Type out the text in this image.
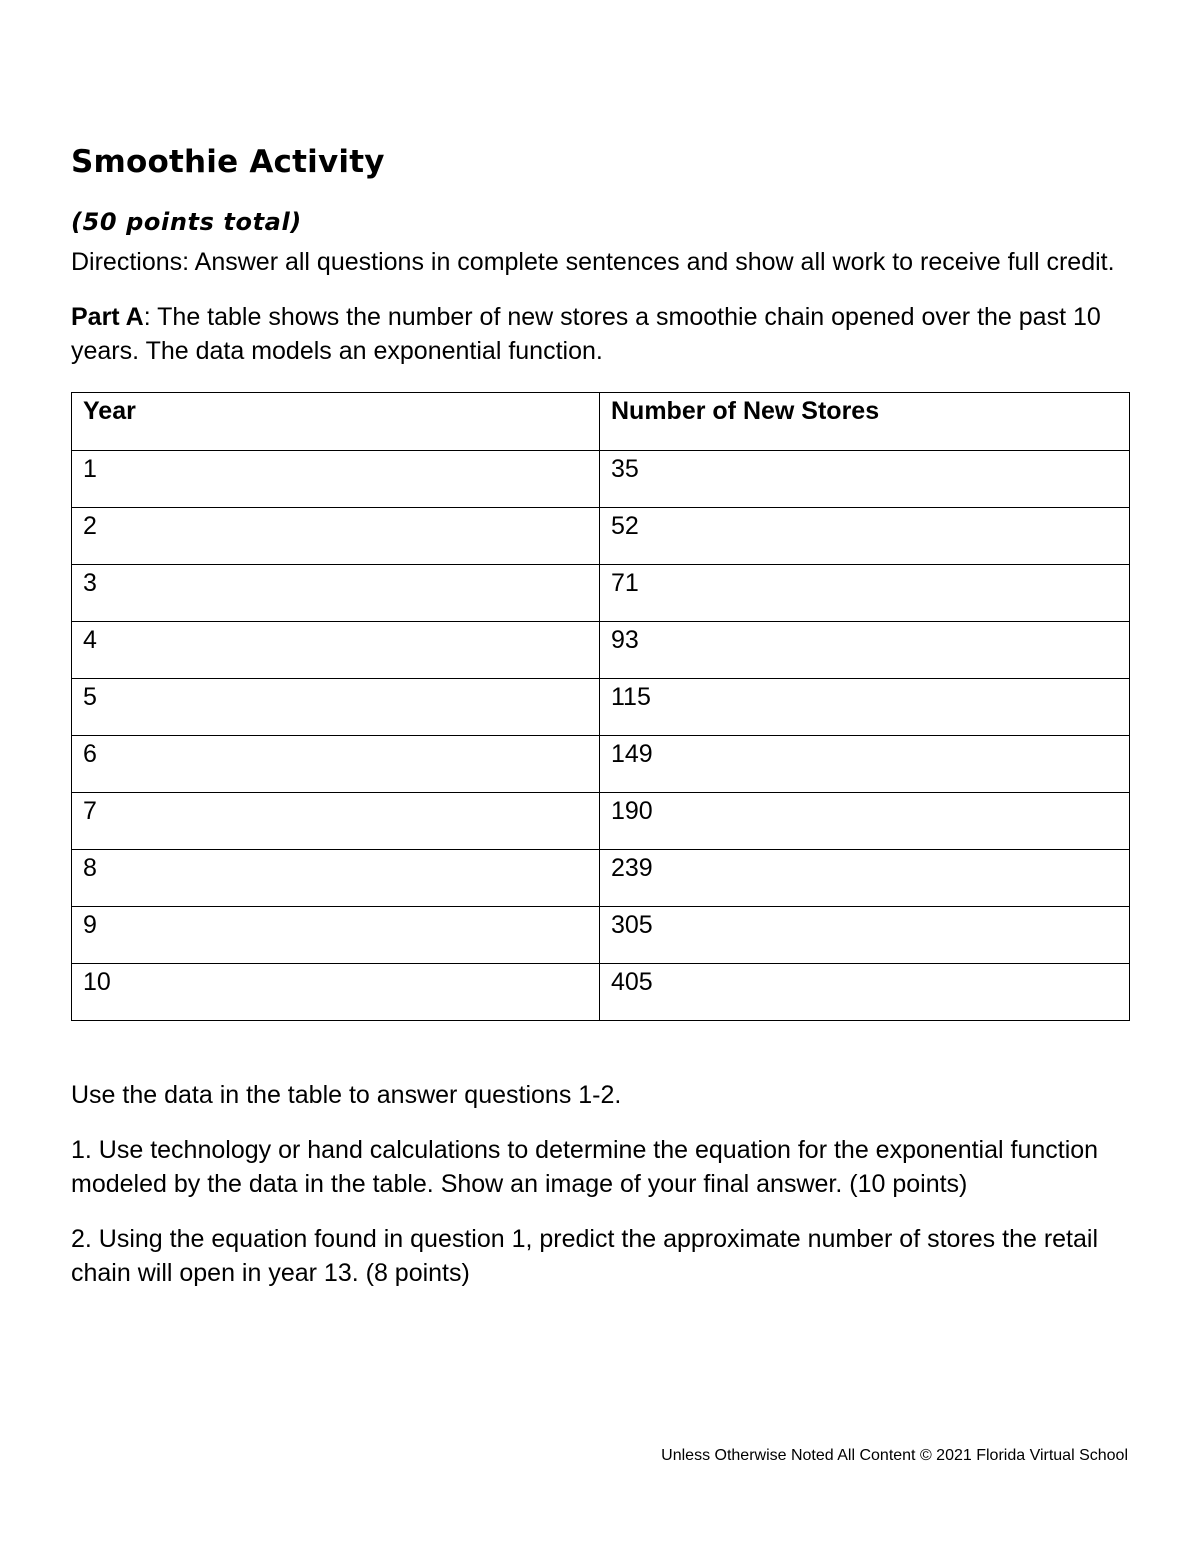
Smoothie Activity

(50 points total)

Directions: Answer all questions in complete sentences and show all work to receive full credit.

Part A: The table shows the number of new stores a smoothie chain opened over the past 10 years. The data models an exponential function.

Year	Number of New Stores
1	35
2	52
3	71
4	93
5	115
6	149
7	190
8	239
9	305
10	405

Use the data in the table to answer questions 1-2.

1. Use technology or hand calculations to determine the equation for the exponential function modeled by the data in the table. Show an image of your final answer. (10 points)

2. Using the equation found in question 1, predict the approximate number of stores the retail chain will open in year 13. (8 points)

Unless Otherwise Noted All Content © 2021 Florida Virtual School
